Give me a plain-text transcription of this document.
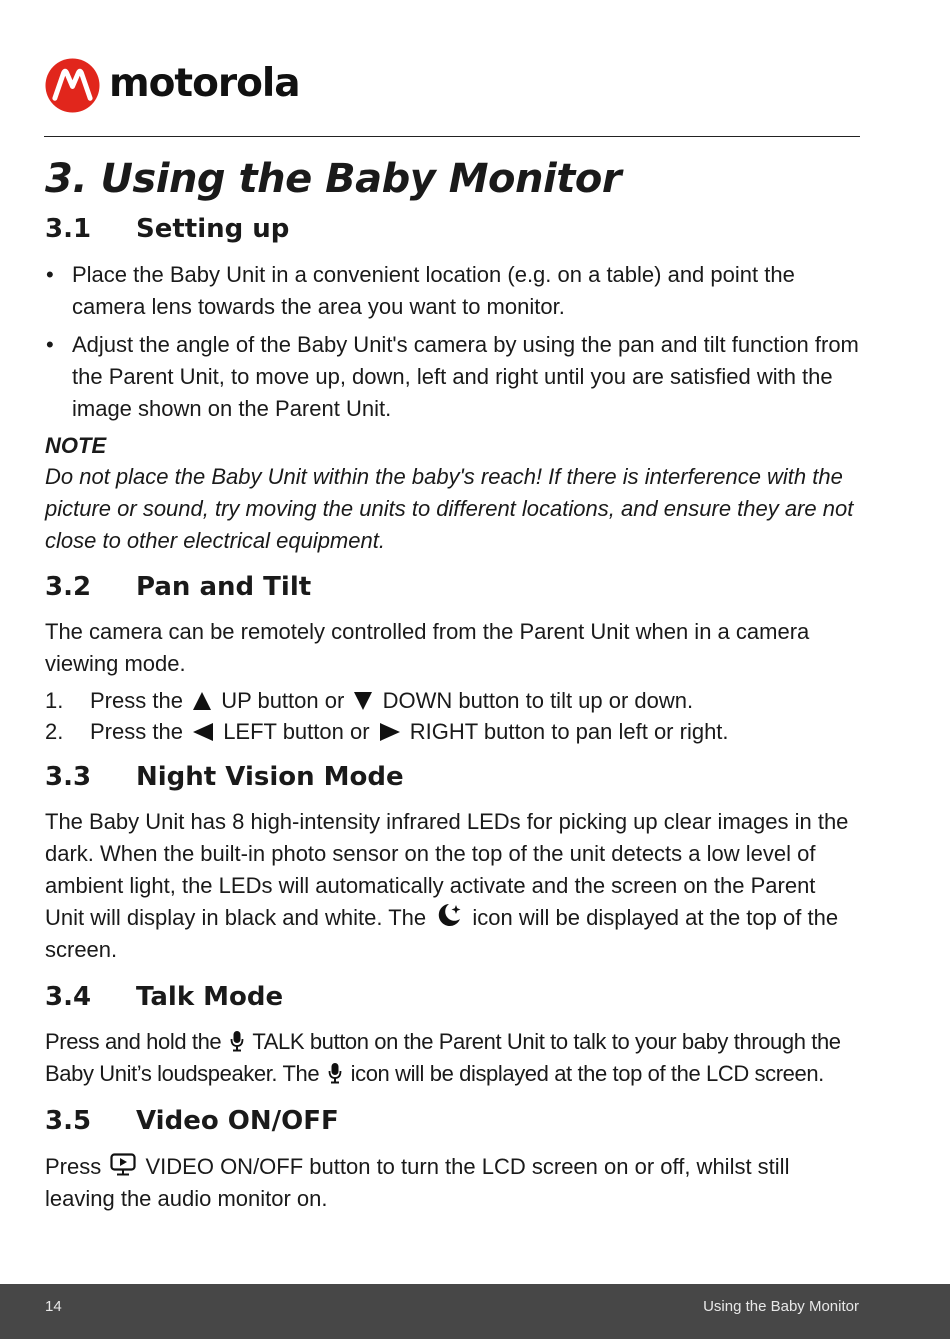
motorola
3. Using the Baby Monitor
3.1	Setting up
• Place the Baby Unit in a convenient location (e.g. on a table) and point the camera lens towards the area you want to monitor.
• Adjust the angle of the Baby Unit's camera by using the pan and tilt function from the Parent Unit, to move up, down, left and right until you are satisfied with the image shown on the Parent Unit.

NOTE

Do not place the Baby Unit within the baby's reach! If there is interference with the picture or sound, try moving the units to different locations, and ensure they are not close to other electrical equipment.

3.2	Pan and Tilt

The camera can be remotely controlled from the Parent Unit when in a camera viewing mode.

1.	Press the UP button or DOWN button to tilt up or down.
2.	Press the LEFT button or RIGHT button to pan left or right.
3.3	Night Vision Mode

The Baby Unit has 8 high-intensity infrared LEDs for picking up clear images in the dark. When the built-in photo sensor on the top of the unit detects a low level of ambient light, the LEDs will automatically activate and the screen on the Parent Unit will display in black and white. The icon will be displayed at the top of the screen.

3.4	Talk Mode

Press and hold the TALK button on the Parent Unit to talk to your baby through the Baby Unit’s loudspeaker. The icon will be displayed at the top of the LCD screen.

3.5	Video ON/OFF

Press VIDEO ON/OFF button to turn the LCD screen on or off, whilst still leaving the audio monitor on.

14	Using the Baby Monitor
